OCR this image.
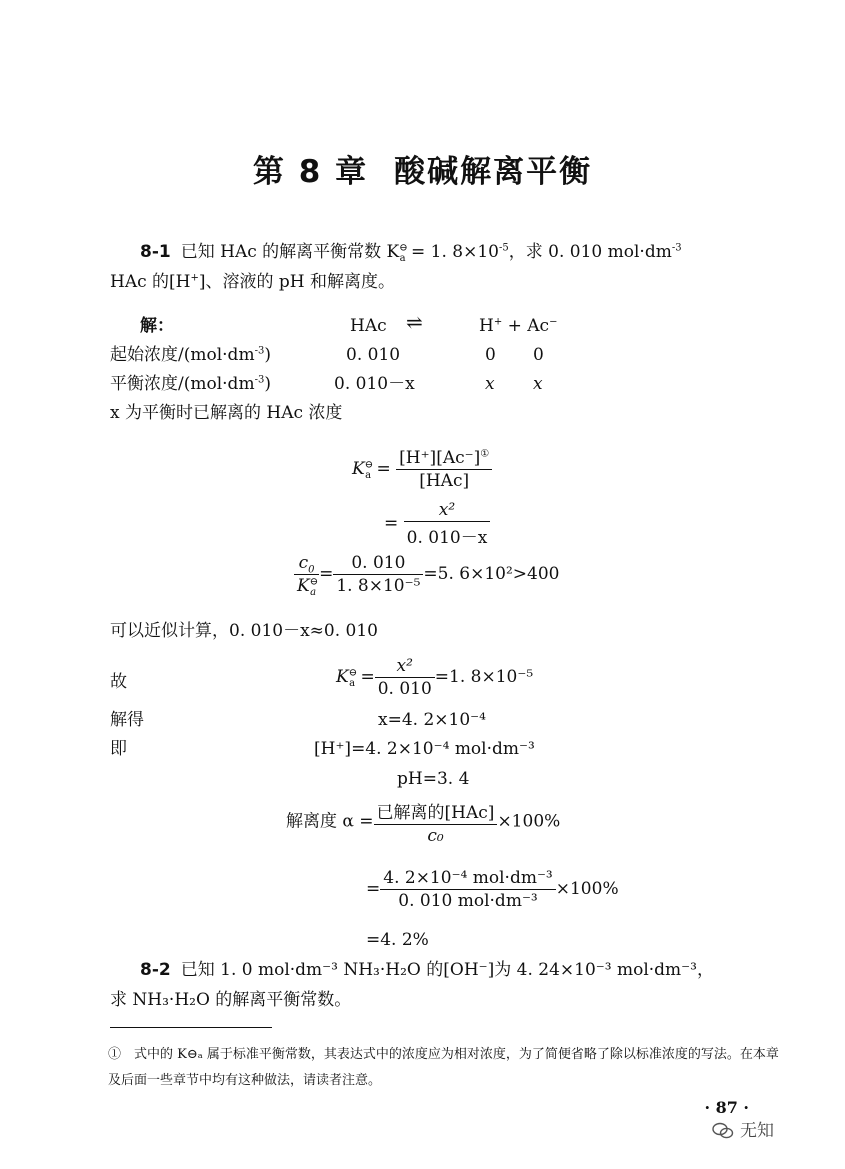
第 8 章 酸碱解离平衡
8-1 已知 HAc 的解离平衡常数 $K^⊖_a = 1$. $8\times 10^{-5}$，求 0. 010 $mol\cdot dm^{-3}$
HAc 的[H+]、溶液的 pH 和解离度。
解：	HAc ⇌	H+ + Ac−
起始浓度$/(mol\cdot dm^{-3})$	0. 010	0 0
平衡浓度$/(mol\cdot dm^{-3})$	0. 010－x	x x
x 为平衡时已解离的 HAc 浓度
$K^⊖_a = \frac{[H^+][Ac^-]^①}{\text{[HAc]}}$
= $\frac{\text{x²}}{0. 010-x}$
$\frac{c_0}{K^⊖_a} = \frac{0. 010}{\text{1. 8×10⁻⁵}} =5$. 6×10²>400
可以近似计算，0. 010－x≈0. 010
故	$K^⊖_a = \frac{\text{x²}}{0. 010} =1$. 8×10⁻⁵
解得	x=4. 2×10⁻⁴
即	[H⁺]=4. 2×10⁻⁴ mol·dm⁻³
pH=3. 4
解离度 $\alpha = \frac{\text{已解离的[HAc]}}{\text{c₀}} \times 100\%$
= $\frac{\text{4. 2×10⁻⁴ mol·dm⁻³}}{\text{0. 010 mol·dm⁻³}} \times 100\%$
=4. 2%
8-2 已知 1. 0 mol·dm⁻³ NH₃·H₂O 的[OH⁻]为 4. 24×10⁻³ mol·dm⁻³，
求 NH₃·H₂O 的解离平衡常数。
①　式中的 K⊖ₐ 属于标准平衡常数，其表达式中的浓度应为相对浓度，为了简便省略了除以标准浓度的写法。在本章及后面一些章节中均有这种做法，请读者注意。
· 87 ·
无知
